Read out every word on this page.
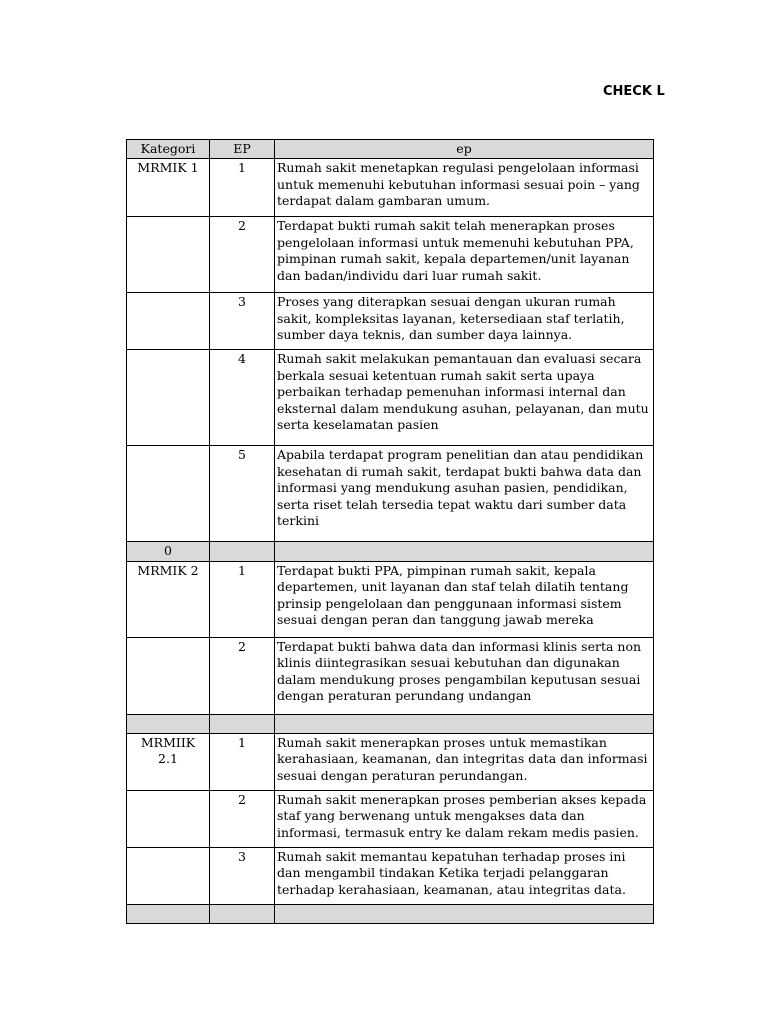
CHECK L
Kategori	EP	ep
MRMIK 1	1	Rumah sakit menetapkan regulasi pengelolaan informasi untuk memenuhi kebutuhan informasi sesuai poin – yang terdapat dalam gambaran umum.
	2	Terdapat bukti rumah sakit telah menerapkan proses pengelolaan informasi untuk memenuhi kebutuhan PPA, pimpinan rumah sakit, kepala departemen/unit layanan dan badan/individu dari luar rumah sakit.
	3	Proses yang diterapkan sesuai dengan ukuran rumah sakit, kompleksitas layanan, ketersediaan staf terlatih, sumber daya teknis, dan sumber daya lainnya.
	4	Rumah sakit melakukan pemantauan dan evaluasi secara berkala sesuai ketentuan rumah sakit serta upaya perbaikan terhadap pemenuhan informasi internal dan eksternal dalam mendukung asuhan, pelayanan, dan mutu serta keselamatan pasien
	5	Apabila terdapat program penelitian dan atau pendidikan kesehatan di rumah sakit, terdapat bukti bahwa data dan informasi yang mendukung asuhan pasien, pendidikan, serta riset telah tersedia tepat waktu dari sumber data terkini
0		
MRMIK 2	1	Terdapat bukti PPA, pimpinan rumah sakit, kepala departemen, unit layanan dan staf telah dilatih tentang prinsip pengelolaan dan penggunaan informasi sistem sesuai dengan peran dan tanggung jawab mereka
	2	Terdapat bukti bahwa data dan informasi klinis serta non klinis diintegrasikan sesuai kebutuhan dan digunakan dalam mendukung proses pengambilan keputusan sesuai dengan peraturan perundang undangan

MRMIIK 2.1	1	Rumah sakit menerapkan proses untuk memastikan kerahasiaan, keamanan, dan integritas data dan informasi sesuai dengan peraturan perundangan.
	2	Rumah sakit menerapkan proses pemberian akses kepada staf yang berwenang untuk mengakses data dan informasi, termasuk entry ke dalam rekam medis pasien.
	3	Rumah sakit memantau kepatuhan terhadap proses ini dan mengambil tindakan Ketika terjadi pelanggaran terhadap kerahasiaan, keamanan, atau integritas data.
